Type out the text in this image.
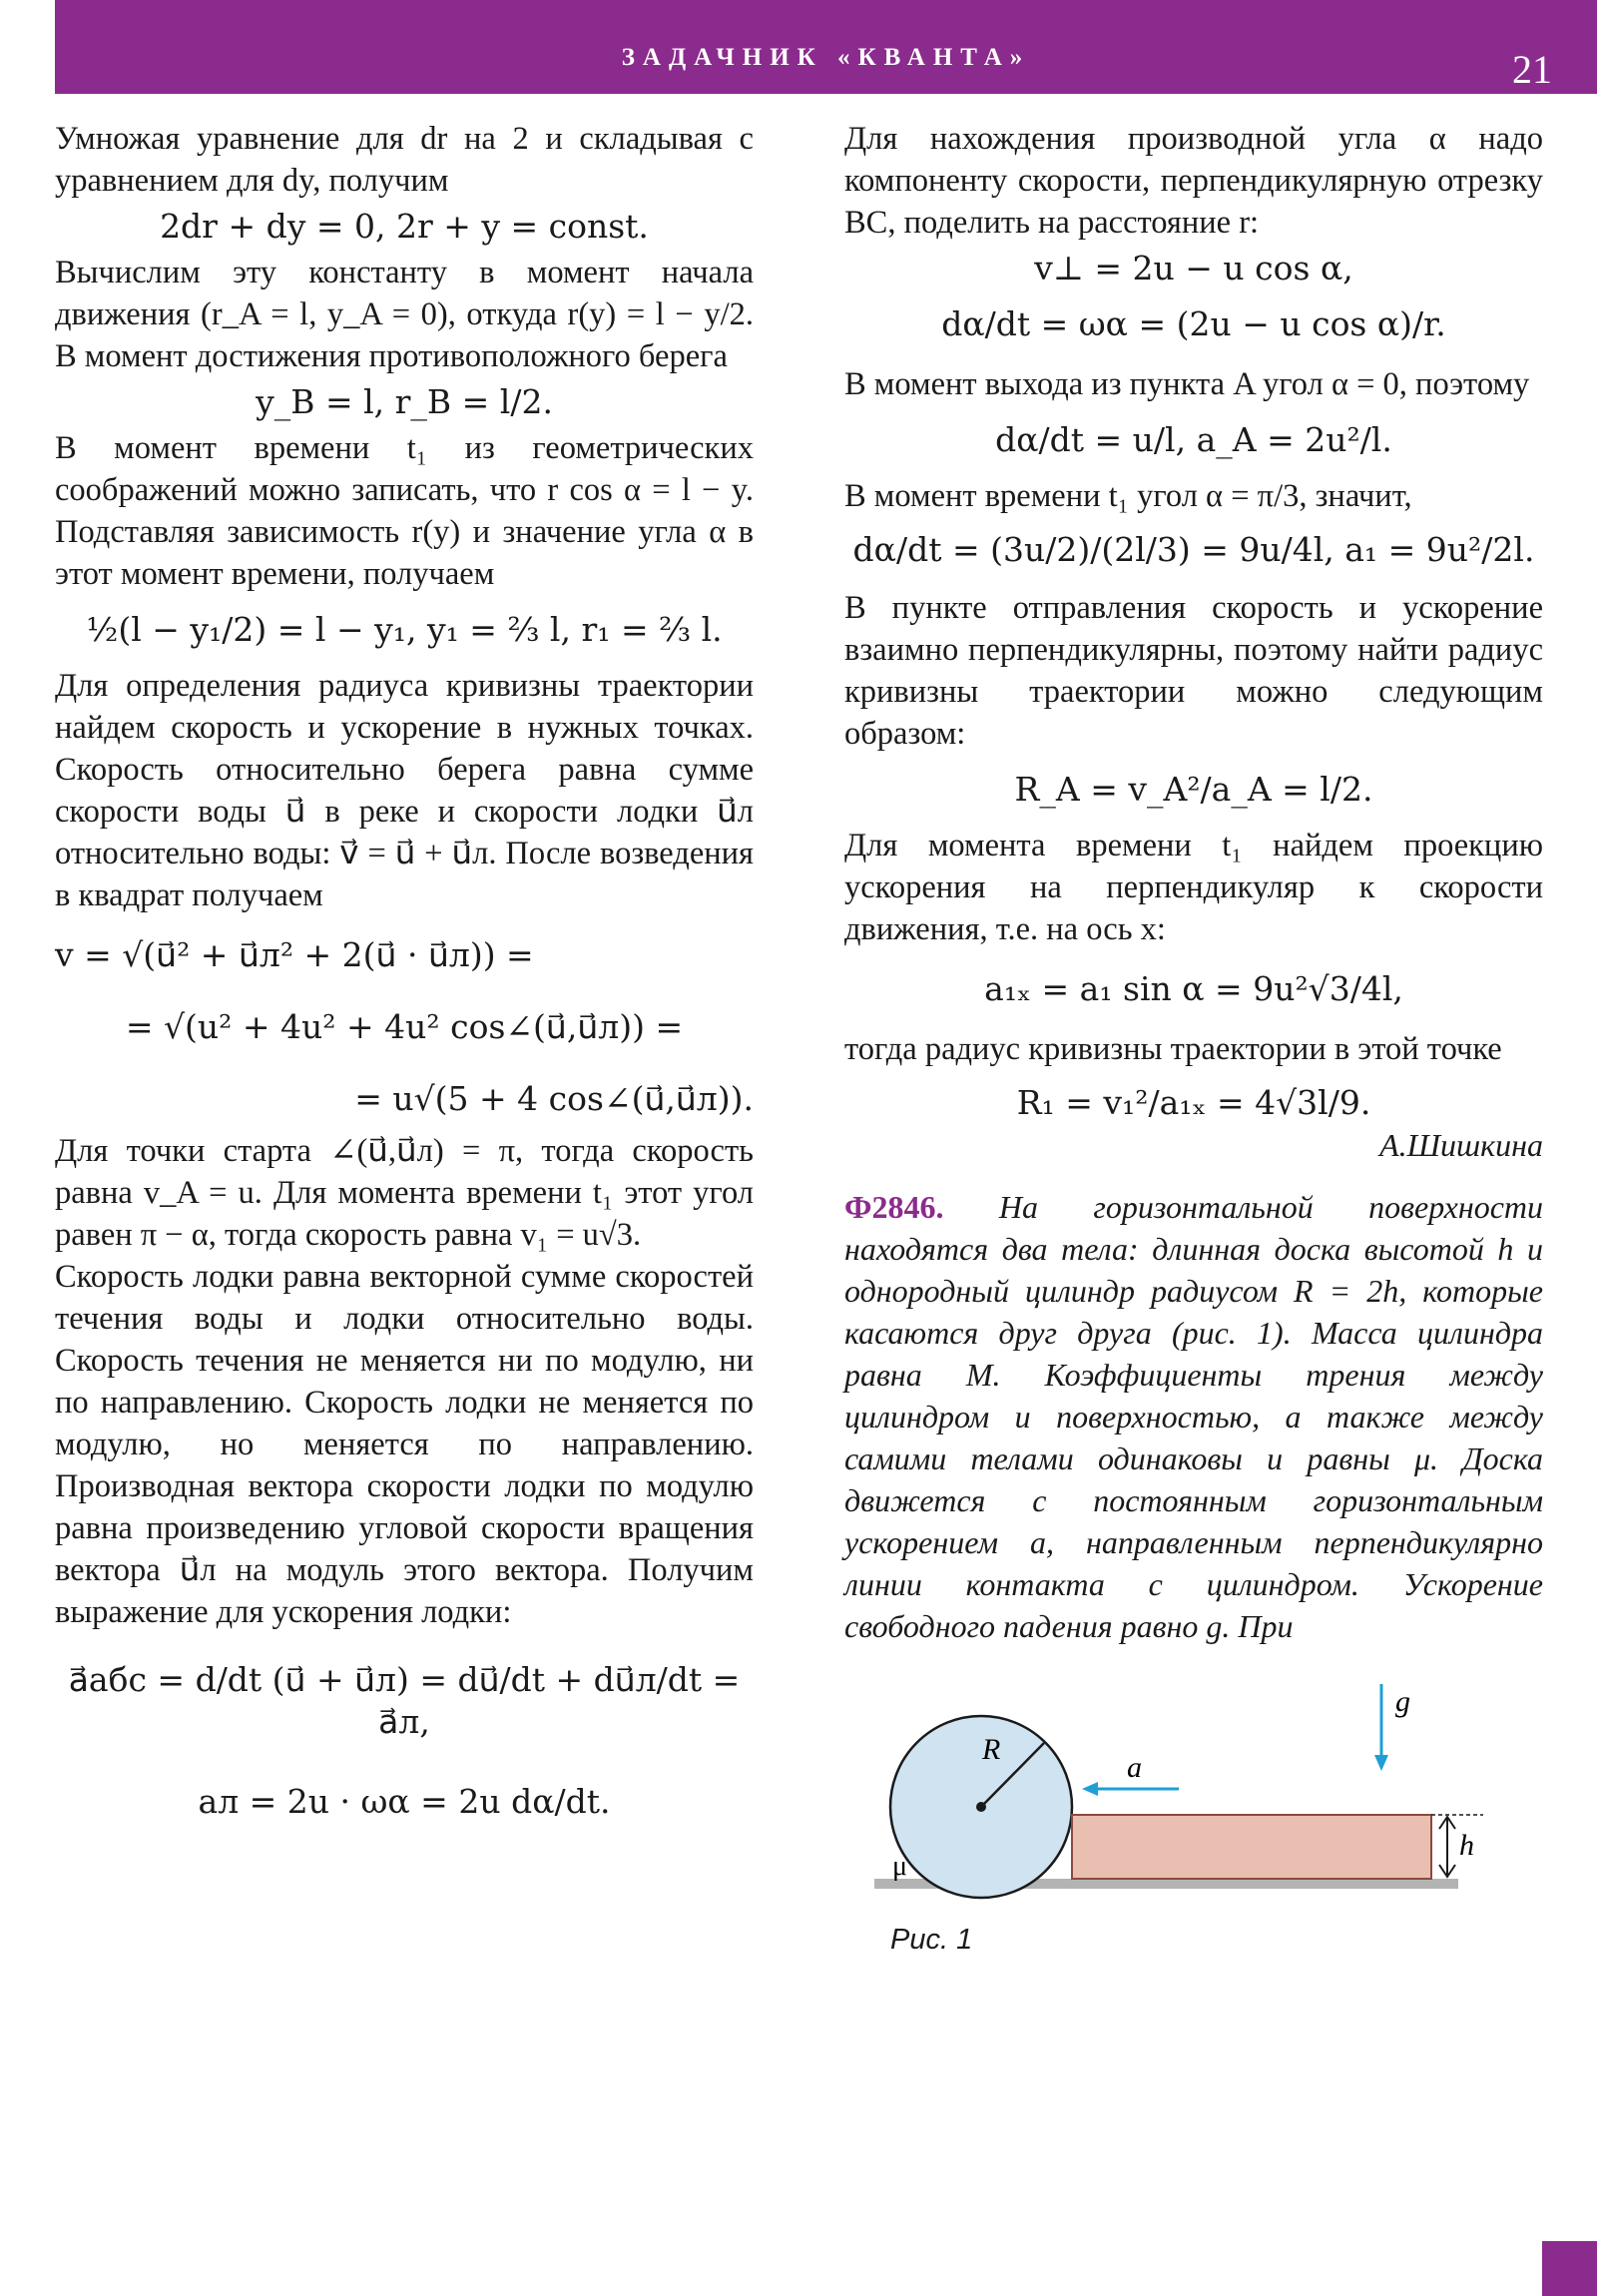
ЗАДАЧНИК «КВАНТА»	21

Умножая уравнение для dr на 2 и складывая с уравнением для dy, получим

2dr + dy = 0, 2r + y = const.

Вычислим эту константу в момент начала движения (r_A = l, y_A = 0), откуда r(y) = l − y/2. В момент достижения противоположного берега

y_B = l, r_B = l/2.

В момент времени t₁ из геометрических соображений можно записать, что r cos α = l − y. Подставляя зависимость r(y) и значение угла α в этот момент времени, получаем

½(l − y₁/2) = l − y₁, y₁ = ⅔ l, r₁ = ⅔ l.

Для определения радиуса кривизны траектории найдем скорость и ускорение в нужных точках. Скорость относительно берега равна сумме скорости воды u⃗ в реке и скорости лодки u⃗л относительно воды: v⃗ = u⃗ + u⃗л. После возведения в квадрат получаем

v = √(u⃗² + u⃗л² + 2(u⃗ · u⃗л)) =
= √(u² + 4u² + 4u² cos∠(u⃗,u⃗л)) =
= u√(5 + 4 cos∠(u⃗,u⃗л)).

Для точки старта ∠(u⃗,u⃗л) = π, тогда скорость равна v_A = u. Для момента времени t₁ этот угол равен π − α, тогда скорость равна v₁ = u√3.

Скорость лодки равна векторной сумме скоростей течения воды и лодки относительно воды. Скорость течения не меняется ни по модулю, ни по направлению. Скорость лодки не меняется по модулю, но меняется по направлению. Производная вектора скорости лодки по модулю равна произведению угловой скорости вращения вектора u⃗л на модуль этого вектора. Получим выражение для ускорения лодки:

a⃗абс = d/dt (u⃗ + u⃗л) = du⃗/dt + du⃗л/dt = a⃗л,
aл = 2u · ωα = 2u dα/dt.

Для нахождения производной угла α надо компоненту скорости, перпендикулярную отрезку BC, поделить на расстояние r:

v⊥ = 2u − u cos α,
dα/dt = ωα = (2u − u cos α)/r.

В момент выхода из пункта A угол α = 0, поэтому

dα/dt = u/l, a_A = 2u²/l.

В момент времени t₁ угол α = π/3, значит,

dα/dt = (3u/2)/(2l/3) = 9u/4l, a₁ = 9u²/2l.

В пункте отправления скорость и ускорение взаимно перпендикулярны, поэтому найти радиус кривизны траектории можно следующим образом:

R_A = v_A²/a_A = l/2.

Для момента времени t₁ найдем проекцию ускорения на перпендикуляр к скорости движения, т.е. на ось x:

a₁ₓ = a₁ sin α = 9u²√3/4l,

тогда радиус кривизны траектории в этой точке

R₁ = v₁²/a₁ₓ = 4√3l/9.

А.Шишкина

Ф2846. На горизонтальной поверхности находятся два тела: длинная доска высотой h и однородный цилиндр радиусом R = 2h, которые касаются друг друга (рис. 1). Масса цилиндра равна M. Коэффициенты трения между цилиндром и поверхностью, а также между самими телами одинаковы и равны μ. Доска движется с постоянным горизонтальным ускорением a, направленным перпендикулярно линии контакта с цилиндром. Ускорение свободного падения равно g. При

R
a
g
h
μ

Рис. 1
